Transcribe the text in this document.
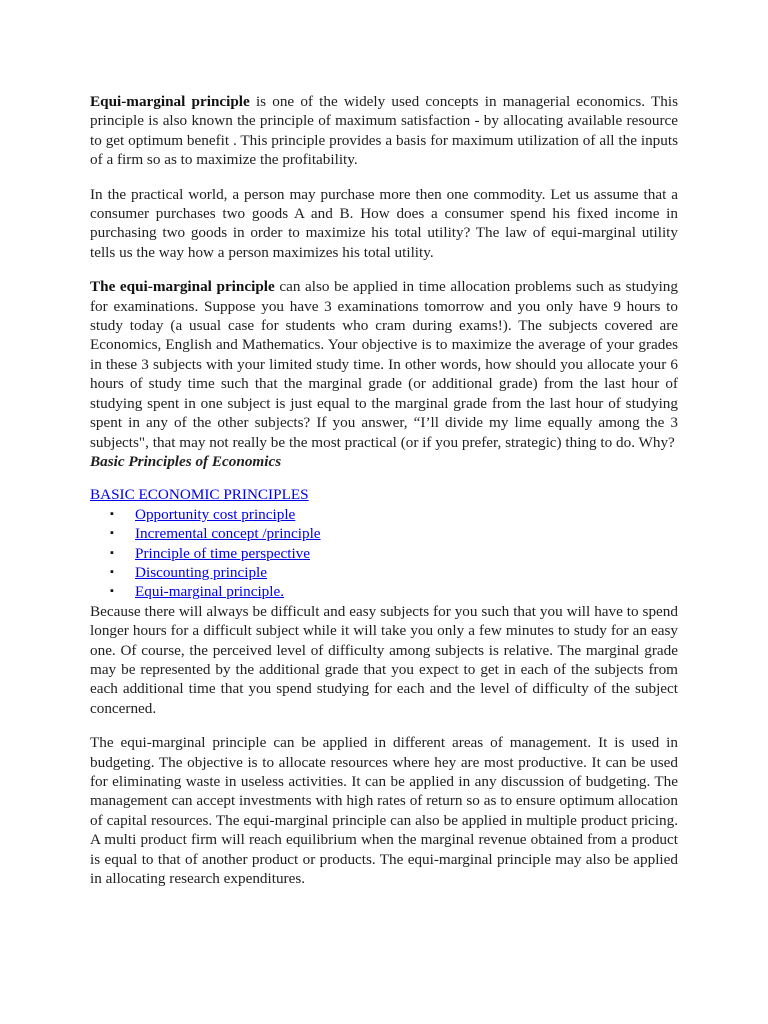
Equi-marginal principle is one of the widely used concepts in managerial economics. This principle is also known the principle of maximum satisfaction - by allocating available resource to get optimum benefit . This principle provides a basis for maximum utilization of all the inputs of a firm so as to maximize the profitability.

In the practical world, a person may purchase more then one commodity. Let us assume that a consumer purchases two goods A and B. How does a consumer spend his fixed income in purchasing two goods in order to maximize his total utility? The law of equi-marginal utility tells us the way how a person maximizes his total utility.

The equi-marginal principle can also be applied in time allocation problems such as studying for examinations. Suppose you have 3 examinations tomorrow and you only have 9 hours to study today (a usual case for students who cram during exams!). The subjects covered are Economics, English and Mathematics. Your objective is to maximize the average of your grades in these 3 subjects with your limited study time. In other words, how should you allocate your 6 hours of study time such that the marginal grade (or additional grade) from the last hour of studying spent in one subject is just equal to the marginal grade from the last hour of studying spent in any of the other subjects? If you answer, “I’ll divide my lime equally among the 3 subjects", that may not really be the most practical (or if you prefer, strategic) thing to do. Why?

Basic Principles of Economics

BASIC ECONOMIC PRINCIPLES
▪ Opportunity cost principle
▪ Incremental concept /principle
▪ Principle of time perspective
▪ Discounting principle
▪ Equi-marginal principle.

Because there will always be difficult and easy subjects for you such that you will have to spend longer hours for a difficult subject while it will take you only a few minutes to study for an easy one. Of course, the perceived level of difficulty among subjects is relative. The marginal grade may be represented by the additional grade that you expect to get in each of the subjects from each additional time that you spend studying for each and the level of difficulty of the subject concerned.

The equi-marginal principle can be applied in different areas of management. It is used in budgeting. The objective is to allocate resources where hey are most productive. It can be used for eliminating waste in useless activities. It can be applied in any discussion of budgeting. The management can accept investments with high rates of return so as to ensure optimum allocation of capital resources. The equi-marginal principle can also be applied in multiple product pricing. A multi product firm will reach equilibrium when the marginal revenue obtained from a product is equal to that of another product or products. The equi-marginal principle may also be applied in allocating research expenditures.
